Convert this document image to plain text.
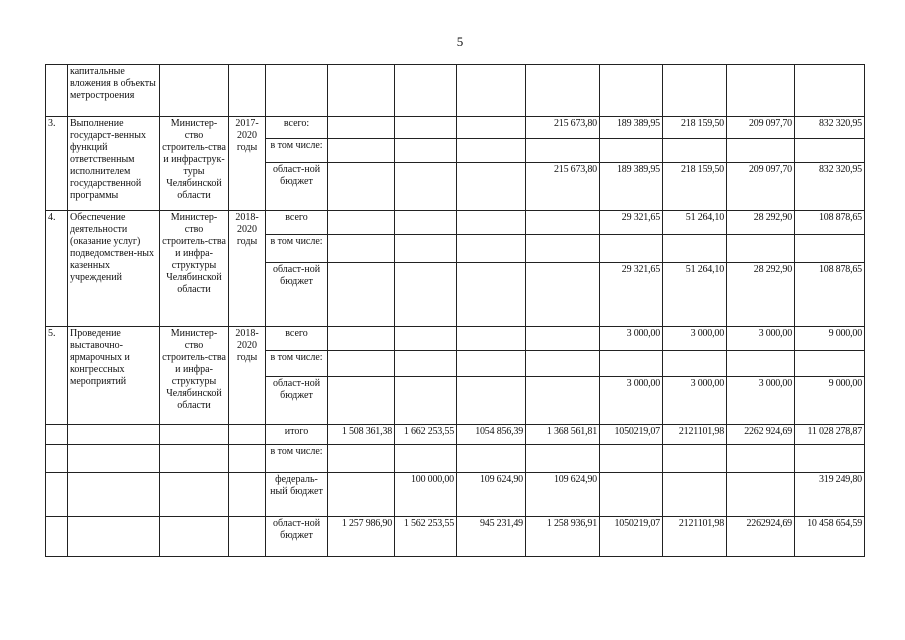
5
	капитальные вложения в объекты метростроения											
3.	Выполнение государст-венных функций ответственным исполнителем государственной программы	Министер-ство строитель-ства и инфраструк-туры Челябинской области	2017-2020 годы	всего:				215 673,80	189 389,95	218 159,50	209 097,70	832 320,95
				в том числе:								
				област-ной бюджет				215 673,80	189 389,95	218 159,50	209 097,70	832 320,95
4.	Обеспечение деятельности (оказание услуг) подведомствен-ных казенных учреждений	Министер-ство строитель-ства и инфра-структуры Челябинской области	2018-2020 годы	всего					29 321,65	51 264,10	28 292,90	108 878,65
				в том числе:								
				област-ной бюджет					29 321,65	51 264,10	28 292,90	108 878,65
5.	Проведение выставочно-ярмарочных и конгрессных мероприятий	Министер-ство строитель-ства и инфра-структуры Челябинской области	2018-2020 годы	всего					3 000,00	3 000,00	3 000,00	9 000,00
				в том числе:								
				област-ной бюджет					3 000,00	3 000,00	3 000,00	9 000,00
				итого	1 508 361,38	1 662 253,55	1054 856,39	1 368 561,81	1050219,07	2121101,98	2262 924,69	11 028 278,87
				в том числе:								
				федераль-ный бюджет		100 000,00	109 624,90	109 624,90				319 249,80
				област-ной бюджет	1 257 986,90	1 562 253,55	945 231,49	1 258 936,91	1050219,07	2121101,98	2262924,69	10 458 654,59
